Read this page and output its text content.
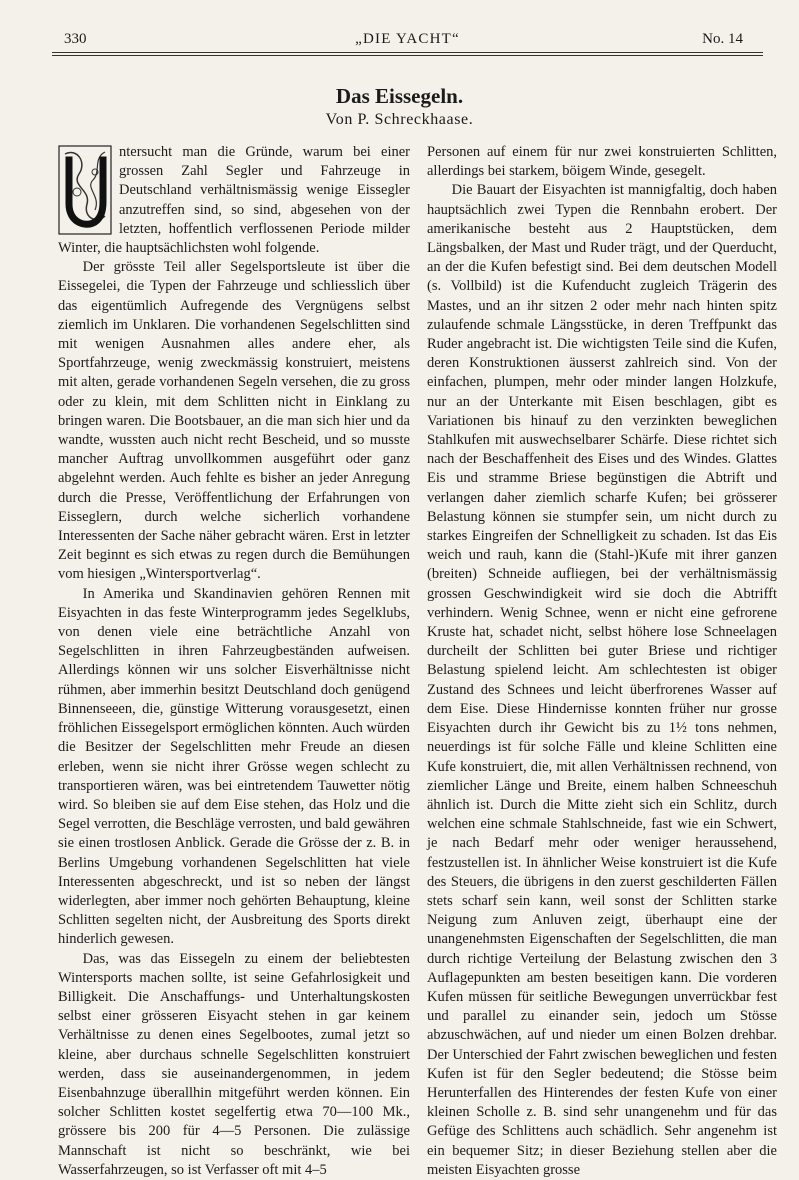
330	„DIE YACHT“	No. 14
Das Eissegeln.
Von P. Schreckhaase.

ntersucht man die Gründe, warum bei einer grossen Zahl Segler und Fahrzeuge in Deutschland verhältnismässig wenige Eissegler anzutreffen sind, so sind, abgesehen von der letzten, hoffentlich verflossenen Periode milder Winter, die hauptsächlichsten wohl folgende.

Der grösste Teil aller Segelsportsleute ist über die Eissegelei, die Typen der Fahrzeuge und schliesslich über das eigentümlich Aufregende des Vergnügens selbst ziemlich im Unklaren. Die vorhandenen Segelschlitten sind mit wenigen Ausnahmen alles andere eher, als Sportfahrzeuge, wenig zweckmässig konstruiert, meistens mit alten, gerade vorhandenen Segeln versehen, die zu gross oder zu klein, mit dem Schlitten nicht in Einklang zu bringen waren. Die Bootsbauer, an die man sich hier und da wandte, wussten auch nicht recht Bescheid, und so musste mancher Auftrag unvollkommen ausgeführt oder ganz abgelehnt werden. Auch fehlte es bisher an jeder Anregung durch die Presse, Veröffentlichung der Erfahrungen von Eisseglern, durch welche sicherlich vorhandene Interessenten der Sache näher gebracht wären. Erst in letzter Zeit beginnt es sich etwas zu regen durch die Bemühungen vom hiesigen „Wintersportverlag“.

In Amerika und Skandinavien gehören Rennen mit Eisyachten in das feste Winterprogramm jedes Segelklubs, von denen viele eine beträchtliche Anzahl von Segelschlitten in ihren Fahrzeugbeständen aufweisen. Allerdings können wir uns solcher Eisverhältnisse nicht rühmen, aber immerhin besitzt Deutschland doch genügend Binnenseeen, die, günstige Witterung vorausgesetzt, einen fröhlichen Eissegelsport ermöglichen könnten. Auch würden die Besitzer der Segelschlitten mehr Freude an diesen erleben, wenn sie nicht ihrer Grösse wegen schlecht zu transportieren wären, was bei eintretendem Tauwetter nötig wird. So bleiben sie auf dem Eise stehen, das Holz und die Segel verrotten, die Beschläge verrosten, und bald gewähren sie einen trostlosen Anblick. Gerade die Grösse der z. B. in Berlins Umgebung vorhandenen Segelschlitten hat viele Interessenten abgeschreckt, und ist so neben der längst widerlegten, aber immer noch gehörten Behauptung, kleine Schlitten segelten nicht, der Ausbreitung des Sports direkt hinderlich gewesen.

Das, was das Eissegeln zu einem der beliebtesten Wintersports machen sollte, ist seine Gefahrlosigkeit und Billigkeit. Die Anschaffungs- und Unterhaltungskosten selbst einer grösseren Eisyacht stehen in gar keinem Verhältnisse zu denen eines Segelbootes, zumal jetzt so kleine, aber durchaus schnelle Segelschlitten konstruiert werden, dass sie auseinandergenommen, in jedem Eisenbahnzuge überallhin mitgeführt werden können. Ein solcher Schlitten kostet segelfertig etwa 70—100 Mk., grössere bis 200 für 4—5 Personen. Die zulässige Mannschaft ist nicht so beschränkt, wie bei Wasserfahrzeugen, so ist Verfasser oft mit 4–5

Personen auf einem für nur zwei konstruierten Schlitten, allerdings bei starkem, böigem Winde, gesegelt.

Die Bauart der Eisyachten ist mannigfaltig, doch haben hauptsächlich zwei Typen die Rennbahn erobert. Der amerikanische besteht aus 2 Hauptstücken, dem Längsbalken, der Mast und Ruder trägt, und der Querducht, an der die Kufen befestigt sind. Bei dem deutschen Modell (s. Vollbild) ist die Kufenducht zugleich Trägerin des Mastes, und an ihr sitzen 2 oder mehr nach hinten spitz zulaufende schmale Längsstücke, in deren Treffpunkt das Ruder angebracht ist. Die wichtigsten Teile sind die Kufen, deren Konstruktionen äusserst zahlreich sind. Von der einfachen, plumpen, mehr oder minder langen Holzkufe, nur an der Unterkante mit Eisen beschlagen, gibt es Variationen bis hinauf zu den verzinkten beweglichen Stahlkufen mit auswechselbarer Schärfe. Diese richtet sich nach der Beschaffenheit des Eises und des Windes. Glattes Eis und stramme Briese begünstigen die Abtrift und verlangen daher ziemlich scharfe Kufen; bei grösserer Belastung können sie stumpfer sein, um nicht durch zu starkes Eingreifen der Schnelligkeit zu schaden. Ist das Eis weich und rauh, kann die (Stahl-)Kufe mit ihrer ganzen (breiten) Schneide aufliegen, bei der verhältnismässig grossen Geschwindigkeit wird sie doch die Abtrifft verhindern. Wenig Schnee, wenn er nicht eine gefrorene Kruste hat, schadet nicht, selbst höhere lose Schneelagen durcheilt der Schlitten bei guter Briese und richtiger Belastung spielend leicht. Am schlechtesten ist obiger Zustand des Schnees und leicht überfrorenes Wasser auf dem Eise. Diese Hindernisse konnten früher nur grosse Eisyachten durch ihr Gewicht bis zu 1½ tons nehmen, neuerdings ist für solche Fälle und kleine Schlitten eine Kufe konstruiert, die, mit allen Verhältnissen rechnend, von ziemlicher Länge und Breite, einem halben Schneeschuh ähnlich ist. Durch die Mitte zieht sich ein Schlitz, durch welchen eine schmale Stahlschneide, fast wie ein Schwert, je nach Bedarf mehr oder weniger heraussehend, festzustellen ist. In ähnlicher Weise konstruiert ist die Kufe des Steuers, die übrigens in den zuerst geschilderten Fällen stets scharf sein kann, weil sonst der Schlitten starke Neigung zum Anluven zeigt, überhaupt eine der unangenehmsten Eigenschaften der Segelschlitten, die man durch richtige Verteilung der Belastung zwischen den 3 Auflagepunkten am besten beseitigen kann. Die vorderen Kufen müssen für seitliche Bewegungen unverrückbar fest und parallel zu einander sein, jedoch um Stösse abzuschwächen, auf und nieder um einen Bolzen drehbar. Der Unterschied der Fahrt zwischen beweglichen und festen Kufen ist für den Segler bedeutend; die Stösse beim Herunterfallen des Hinterendes der festen Kufe von einer kleinen Scholle z. B. sind sehr unangenehm und für das Gefüge des Schlittens auch schädlich. Sehr angenehm ist ein bequemer Sitz; in dieser Beziehung stellen aber die meisten Eisyachten grosse
